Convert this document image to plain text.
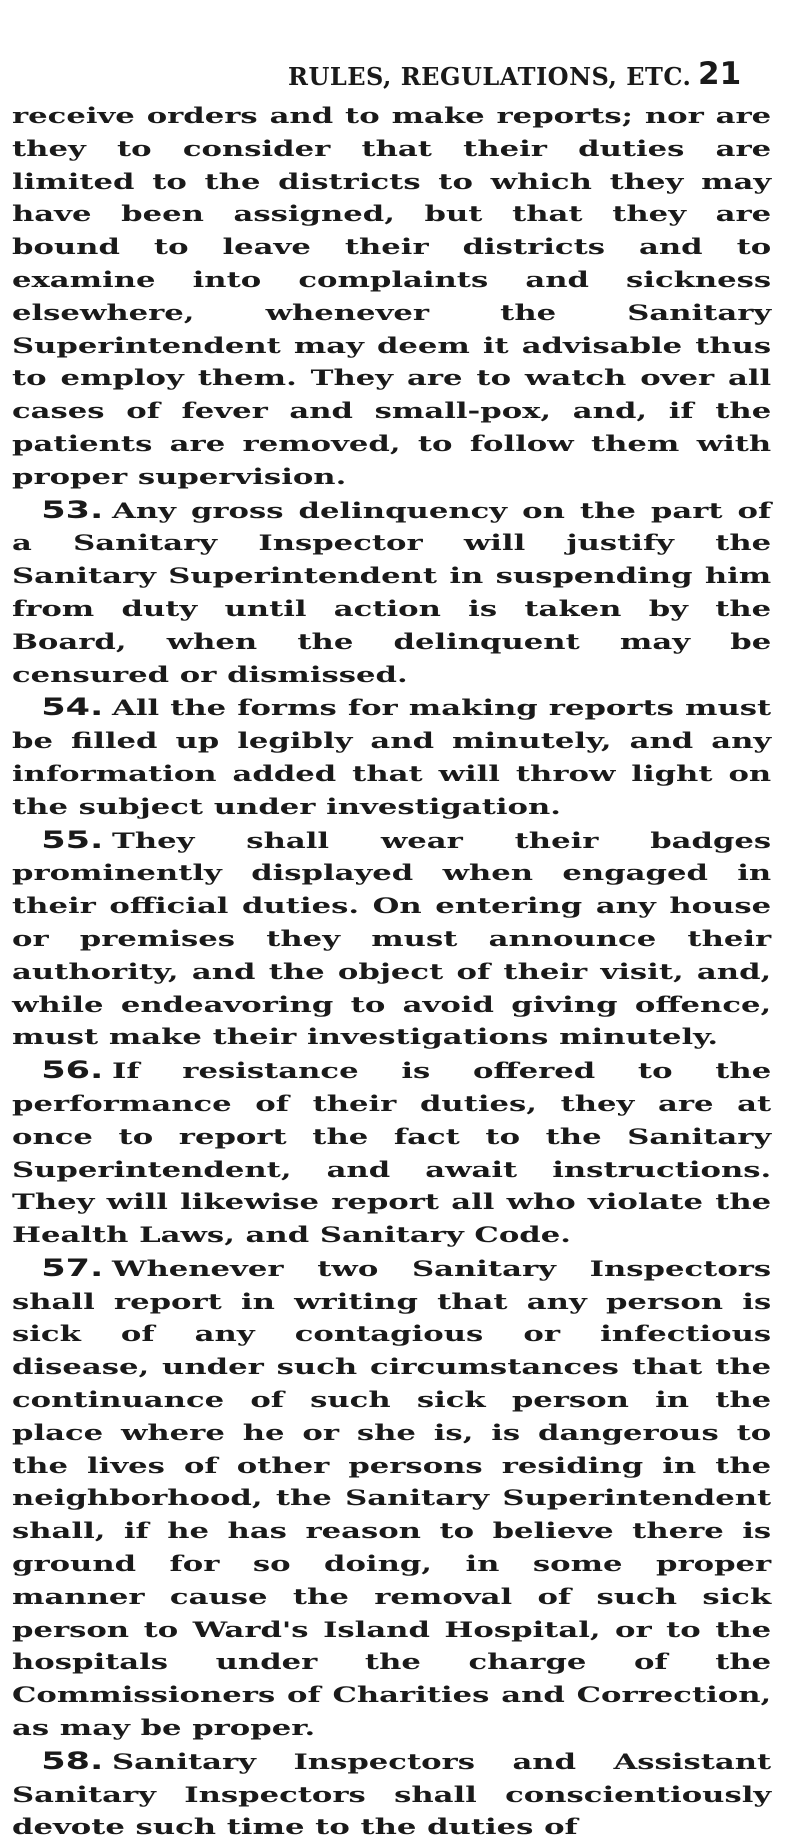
RULES, REGULATIONS, ETC. 21

receive orders and to make reports; nor are they to consider that their duties are limited to the districts to which they may have been assigned, but that they are bound to leave their districts and to examine into complaints and sickness elsewhere, whenever the Sanitary Superintendent may deem it advisable thus to employ them. They are to watch over all cases of fever and small-pox, and, if the patients are removed, to follow them with proper supervision.

53. Any gross delinquency on the part of a Sanitary Inspector will justify the Sanitary Superintendent in suspending him from duty until action is taken by the Board, when the delinquent may be censured or dismissed.

54. All the forms for making reports must be filled up legibly and minutely, and any information added that will throw light on the subject under investigation.

55. They shall wear their badges prominently displayed when engaged in their official duties. On entering any house or premises they must announce their authority, and the object of their visit, and, while endeavoring to avoid giving offence, must make their investigations minutely.

56. If resistance is offered to the performance of their duties, they are at once to report the fact to the Sanitary Superintendent, and await instructions. They will likewise report all who violate the Health Laws, and Sanitary Code.

57. Whenever two Sanitary Inspectors shall report in writing that any person is sick of any contagious or infectious disease, under such circumstances that the continuance of such sick person in the place where he or she is, is dangerous to the lives of other persons residing in the neighborhood, the Sanitary Superintendent shall, if he has reason to believe there is ground for so doing, in some proper manner cause the removal of such sick person to Ward's Island Hospital, or to the hospitals under the charge of the Commissioners of Charities and Correction, as may be proper.

58. Sanitary Inspectors and Assistant Sanitary Inspectors shall conscientiously devote such time to the duties of
